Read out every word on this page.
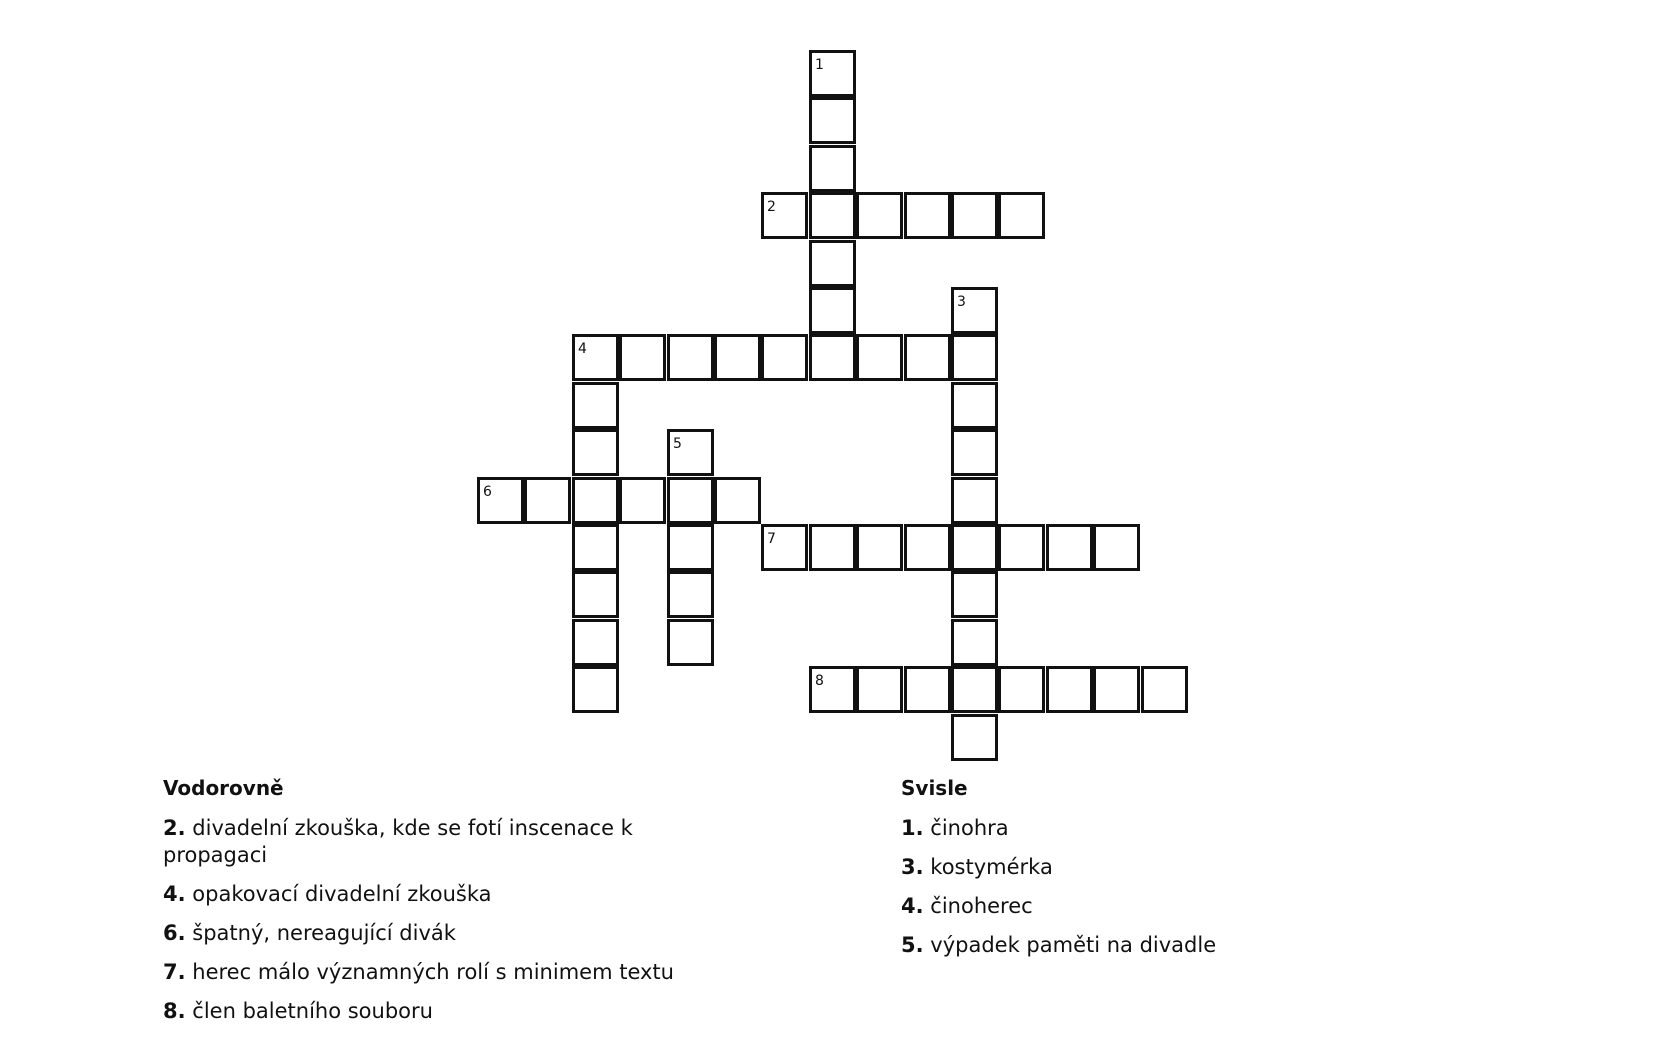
1
2
3
4
5
6
7
8
Vodorovně
2. divadelní zkouška, kde se fotí inscenace k propagaci
4. opakovací divadelní zkouška
6. špatný, nereagující divák
7. herec málo významných rolí s minimem textu
8. člen baletního souboru
Svisle
1. činohra
3. kostymérka
4. činoherec
5. výpadek paměti na divadle
